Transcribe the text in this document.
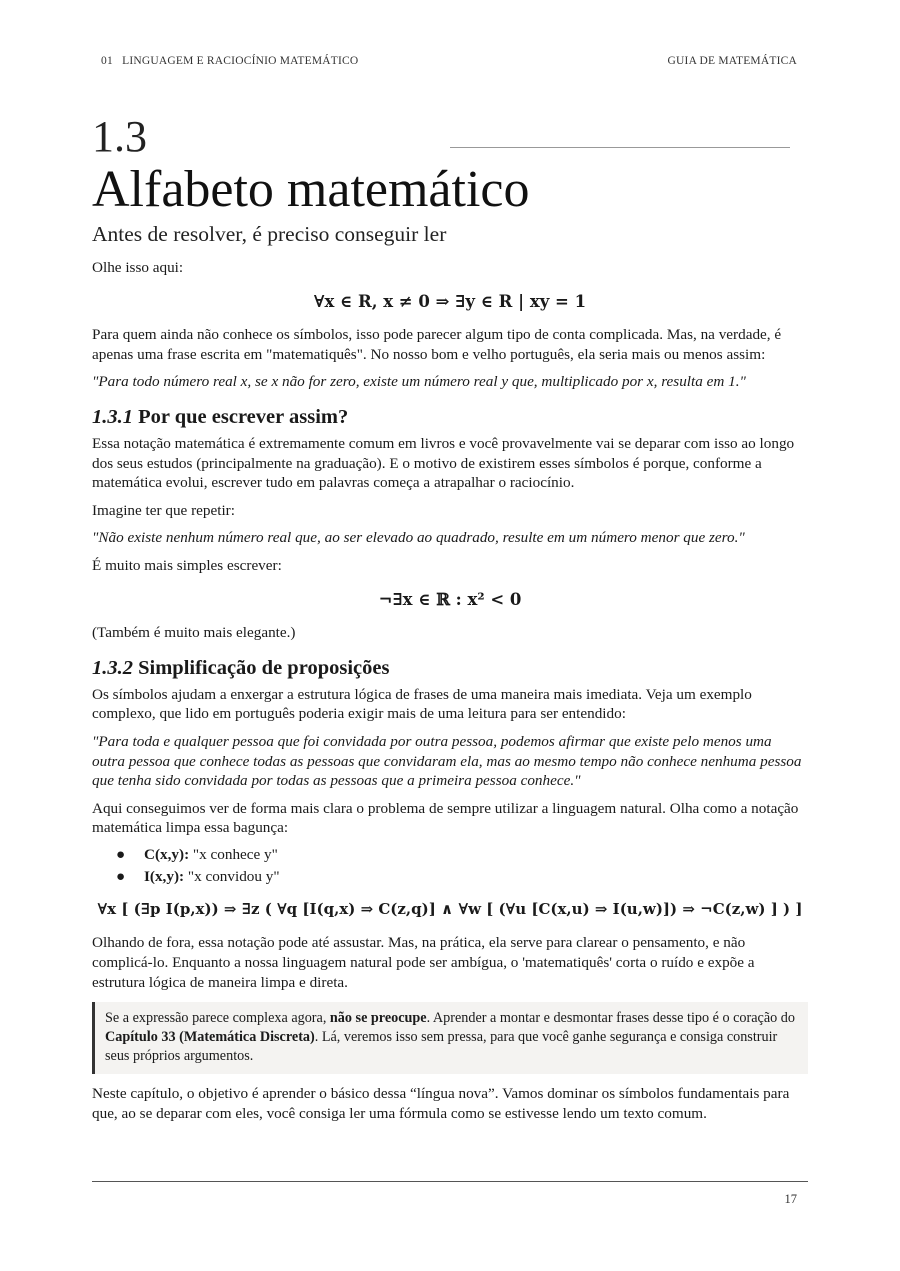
01   LINGUAGEM E RACIOCÍNIO MATEMÁTICO	GUIA DE MATEMÁTICA
1.3
Alfabeto matemático
Antes de resolver, é preciso conseguir ler

Olhe isso aqui:

∀x ∈ R, x ≠ 0 ⇒ ∃y ∈ R | xy = 1

Para quem ainda não conhece os símbolos, isso pode parecer algum tipo de conta complicada. Mas, na verdade, é apenas uma frase escrita em "matematiquês". No nosso bom e velho português, ela seria mais ou menos assim:

"Para todo número real x, se x não for zero, existe um número real y que, multiplicado por x, resulta em 1."

1.3.1 Por que escrever assim?

Essa notação matemática é extremamente comum em livros e você provavelmente vai se deparar com isso ao longo dos seus estudos (principalmente na graduação). E o motivo de existirem esses símbolos é porque, conforme a matemática evolui, escrever tudo em palavras começa a atrapalhar o raciocínio.

Imagine ter que repetir:

"Não existe nenhum número real que, ao ser elevado ao quadrado, resulte em um número menor que zero."

É muito mais simples escrever:

¬∃x ∈ ℝ : x² < 0

(Também é muito mais elegante.)

1.3.2 Simplificação de proposições

Os símbolos ajudam a enxergar a estrutura lógica de frases de uma maneira mais imediata. Veja um exemplo complexo, que lido em português poderia exigir mais de uma leitura para ser entendido:

"Para toda e qualquer pessoa que foi convidada por outra pessoa, podemos afirmar que existe pelo menos uma outra pessoa que conhece todas as pessoas que convidaram ela, mas ao mesmo tempo não conhece nenhuma pessoa que tenha sido convidada por todas as pessoas que a primeira pessoa conhece."

Aqui conseguimos ver de forma mais clara o problema de sempre utilizar a linguagem natural. Olha como a notação matemática limpa essa bagunça:

●	C(x,y): "x conhece y"
●	I(x,y): "x convidou y"

∀x [ (∃p I(p,x)) ⇒ ∃z ( ∀q [I(q,x) ⇒ C(z,q)] ∧ ∀w [ (∀u [C(x,u) ⇒ I(u,w)]) ⇒ ¬C(z,w) ] ) ]

Olhando de fora, essa notação pode até assustar. Mas, na prática, ela serve para clarear o pensamento, e não complicá-lo. Enquanto a nossa linguagem natural pode ser ambígua, o 'matematiquês' corta o ruído e expõe a estrutura lógica de maneira limpa e direta.

Se a expressão parece complexa agora, não se preocupe. Aprender a montar e desmontar frases desse tipo é o coração do Capítulo 33 (Matemática Discreta). Lá, veremos isso sem pressa, para que você ganhe segurança e consiga construir seus próprios argumentos.

Neste capítulo, o objetivo é aprender o básico dessa “língua nova”. Vamos dominar os símbolos fundamentais para que, ao se deparar com eles, você consiga ler uma fórmula como se estivesse lendo um texto comum.

17
